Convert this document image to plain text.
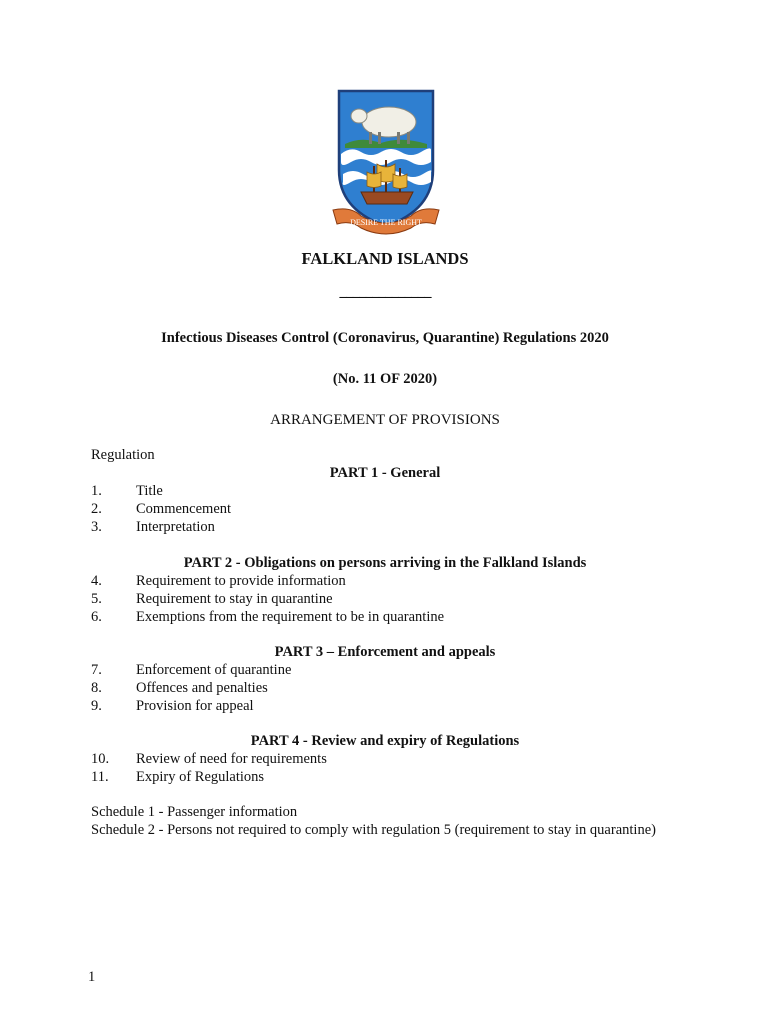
DESIRE THE RIGHT
FALKLAND ISLANDS
______________
Infectious Diseases Control (Coronavirus, Quarantine) Regulations 2020
(No. 11 OF 2020)
ARRANGEMENT OF PROVISIONS
Regulation
PART 1 - General
1. Title
2. Commencement
3. Interpretation
PART 2 - Obligations on persons arriving in the Falkland Islands
4. Requirement to provide information
5. Requirement to stay in quarantine
6. Exemptions from the requirement to be in quarantine
PART 3 – Enforcement and appeals
7. Enforcement of quarantine
8. Offences and penalties
9. Provision for appeal
PART 4 - Review and expiry of Regulations
10. Review of need for requirements
11. Expiry of Regulations
Schedule 1 - Passenger information
Schedule 2 - Persons not required to comply with regulation 5 (requirement to stay in quarantine)
1
